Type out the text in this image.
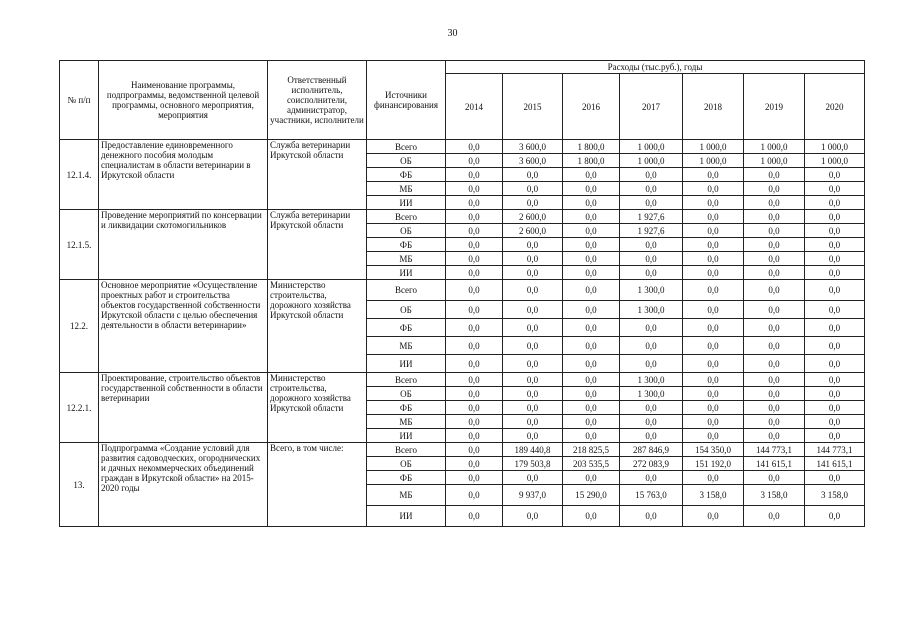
30
№ п/п	Наименование программы, подпрограммы, ведомственной целевой программы, основного мероприятия, мероприятия	Ответственный исполнитель, соисполнители, администратор, участники, исполнители	Источники финансирования	Расходы (тыс.руб.), годы						
				2014	2015	2016	2017	2018	2019	2020
12.1.4.	Предоставление единовременного денежного пособия молодым специалистам в области ветеринарии в Иркутской области	Служба ветеринарии Иркутской области	Всего	0,0	3 600,0	1 800,0	1 000,0	1 000,0	1 000,0	1 000,0
			ОБ	0,0	3 600,0	1 800,0	1 000,0	1 000,0	1 000,0	1 000,0
			ФБ	0,0	0,0	0,0	0,0	0,0	0,0	0,0
			МБ	0,0	0,0	0,0	0,0	0,0	0,0	0,0
			ИИ	0,0	0,0	0,0	0,0	0,0	0,0	0,0
12.1.5.	Проведение мероприятий по консервации и ликвидации скотомогильников	Служба ветеринарии Иркутской области	Всего	0,0	2 600,0	0,0	1 927,6	0,0	0,0	0,0
			ОБ	0,0	2 600,0	0,0	1 927,6	0,0	0,0	0,0
			ФБ	0,0	0,0	0,0	0,0	0,0	0,0	0,0
			МБ	0,0	0,0	0,0	0,0	0,0	0,0	0,0
			ИИ	0,0	0,0	0,0	0,0	0,0	0,0	0,0
12.2.	Основное мероприятие «Осуществление проектных работ и строительства объектов государственной собственности Иркутской области с целью обеспечения деятельности в области ветеринарии»	Министерство строительства, дорожного хозяйства Иркутской области	Всего	0,0	0,0	0,0	1 300,0	0,0	0,0	0,0
			ОБ	0,0	0,0	0,0	1 300,0	0,0	0,0	0,0
			ФБ	0,0	0,0	0,0	0,0	0,0	0,0	0,0
			МБ	0,0	0,0	0,0	0,0	0,0	0,0	0,0
			ИИ	0,0	0,0	0,0	0,0	0,0	0,0	0,0
12.2.1.	Проектирование, строительство объектов государственной собственности в области ветеринарии	Министерство строительства, дорожного хозяйства Иркутской области	Всего	0,0	0,0	0,0	1 300,0	0,0	0,0	0,0
			ОБ	0,0	0,0	0,0	1 300,0	0,0	0,0	0,0
			ФБ	0,0	0,0	0,0	0,0	0,0	0,0	0,0
			МБ	0,0	0,0	0,0	0,0	0,0	0,0	0,0
			ИИ	0,0	0,0	0,0	0,0	0,0	0,0	0,0
13.	Подпрограмма «Создание условий для развития садоводческих, огороднических и дачных некоммерческих объединений граждан в Иркутской области» на 2015-2020 годы	Всего, в том числе:	Всего	0,0	189 440,8	218 825,5	287 846,9	154 350,0	144 773,1	144 773,1
			ОБ	0,0	179 503,8	203 535,5	272 083,9	151 192,0	141 615,1	141 615,1
			ФБ	0,0	0,0	0,0	0,0	0,0	0,0	0,0
			МБ	0,0	9 937,0	15 290,0	15 763,0	3 158,0	3 158,0	3 158,0
			ИИ	0,0	0,0	0,0	0,0	0,0	0,0	0,0
